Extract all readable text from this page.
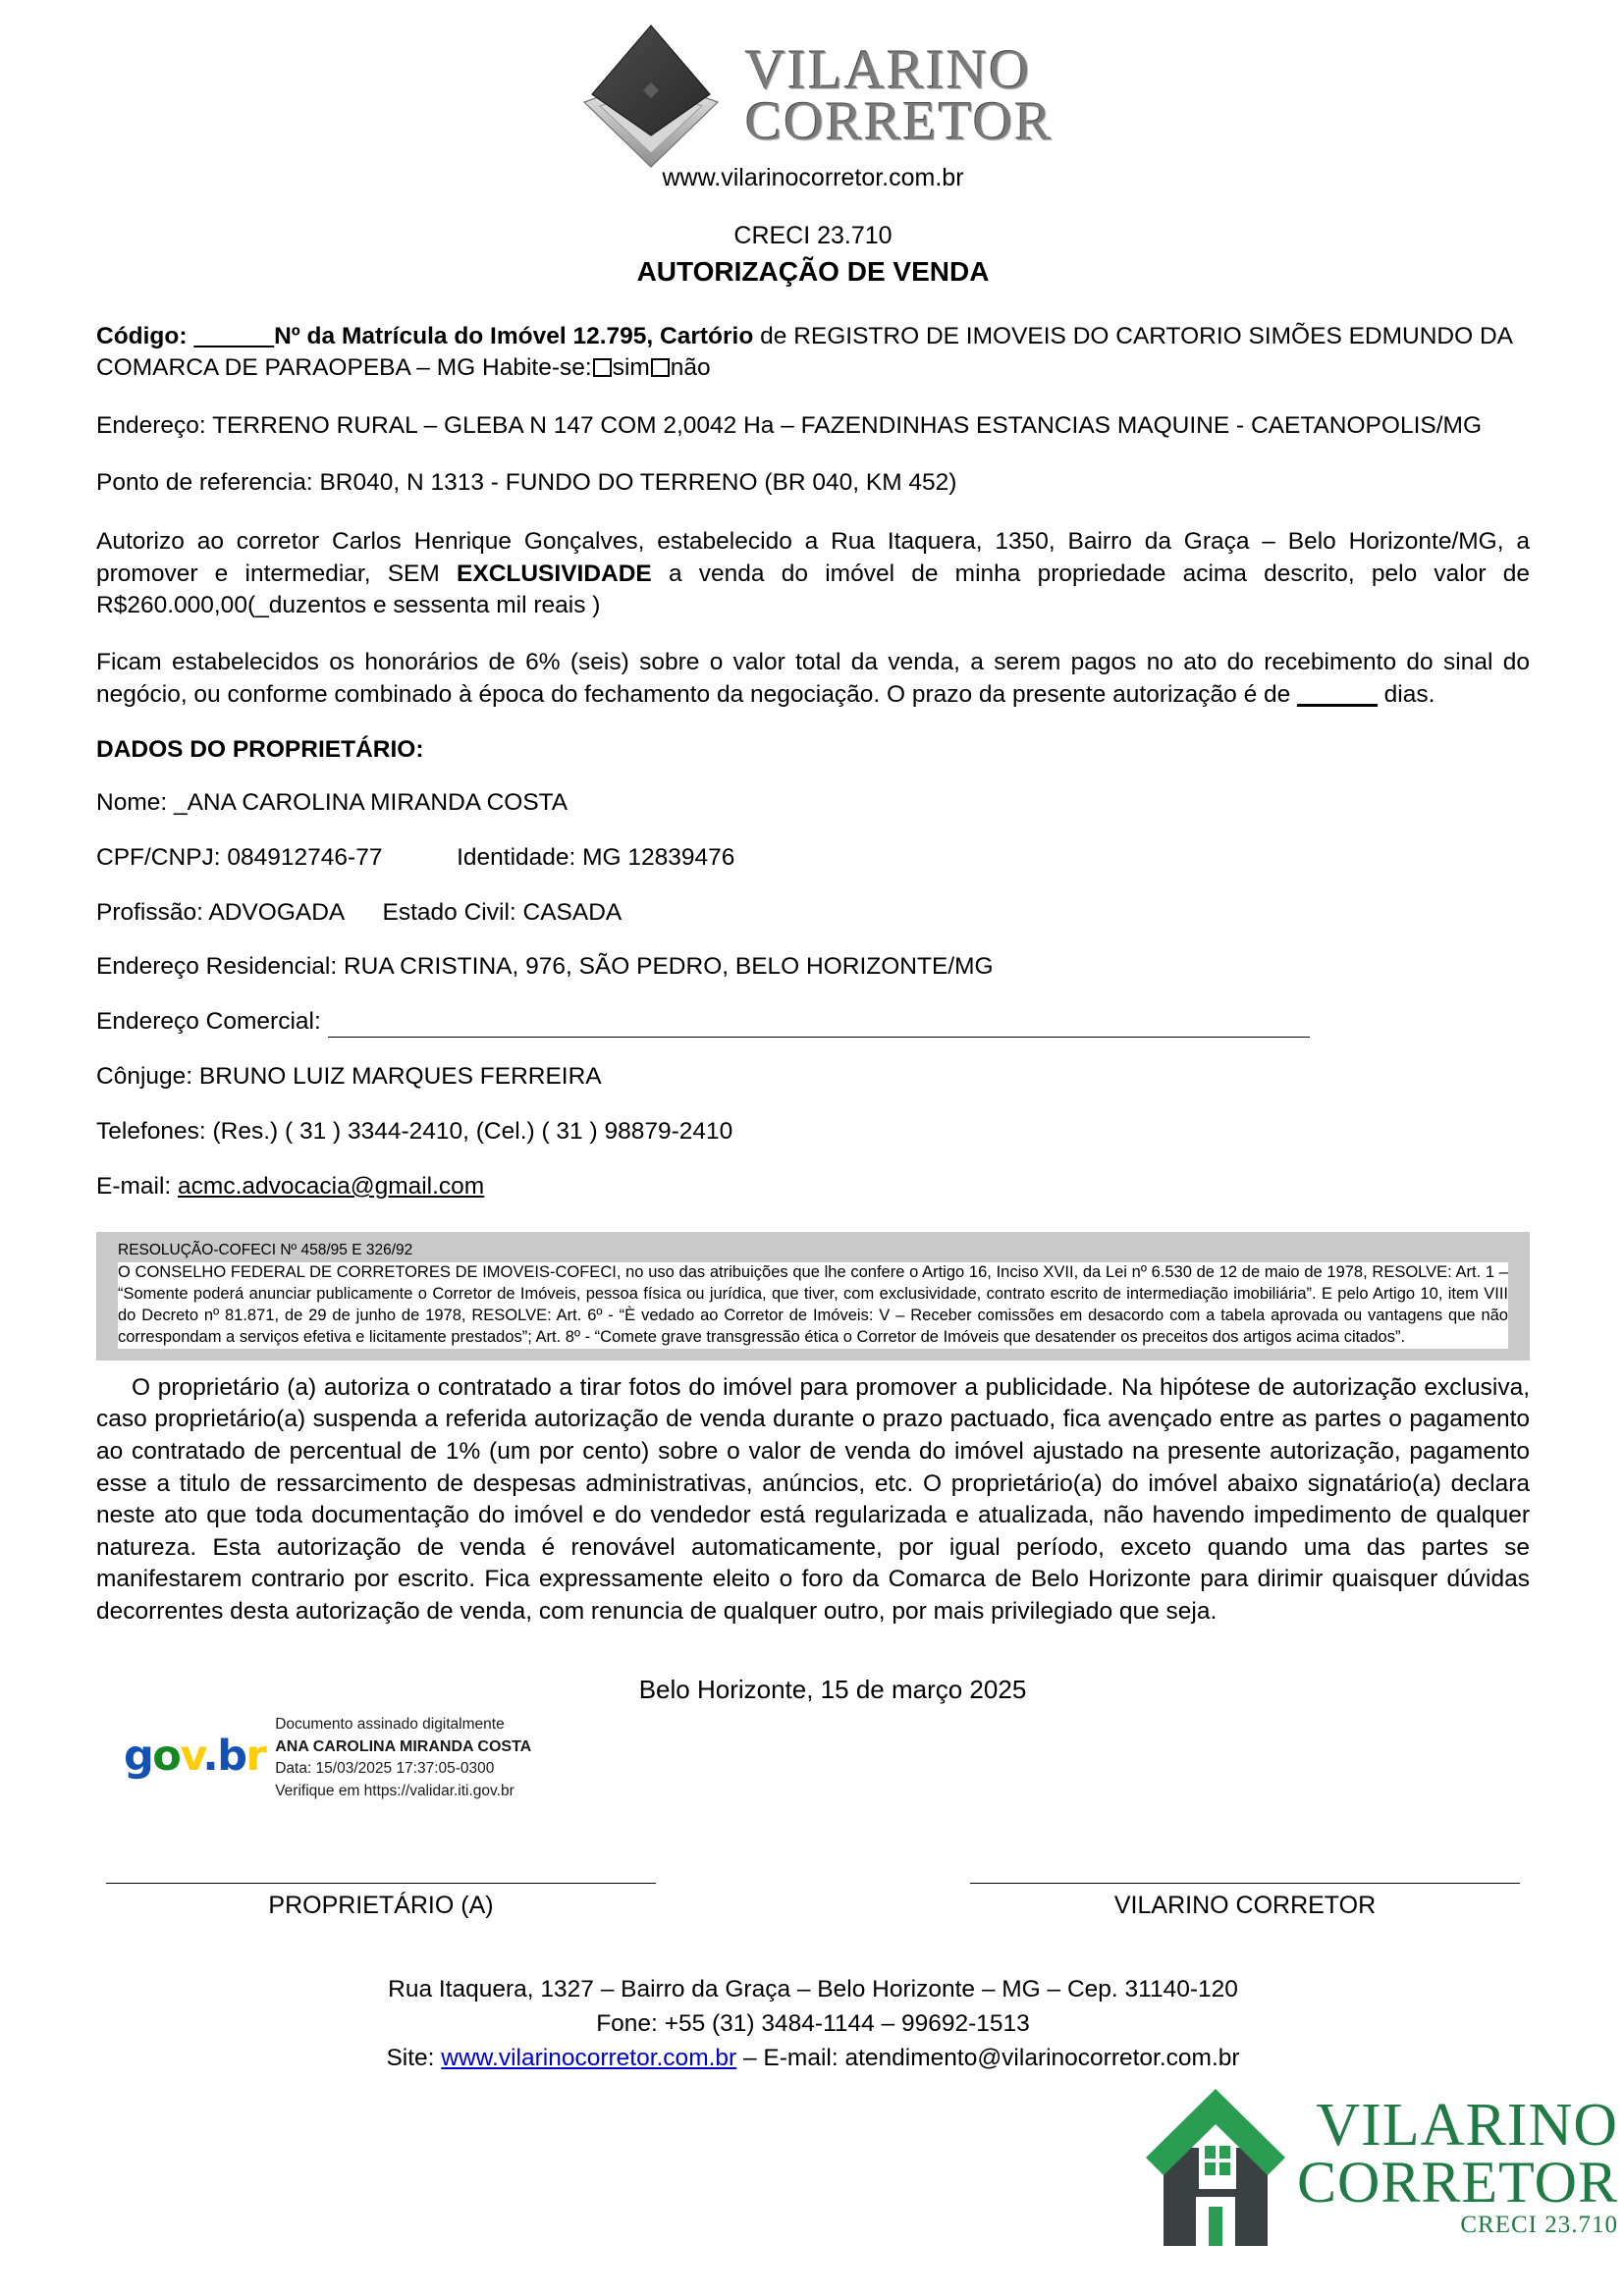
VILARINO
CORRETOR
www.vilarinocorretor.com.br
CRECI 23.710
AUTORIZAÇÃO DE VENDA
Código: ______Nº da Matrícula do Imóvel 12.795, Cartório de REGISTRO DE IMOVEIS DO CARTORIO SIMÕES EDMUNDO DA COMARCA DE PARAOPEBA – MG Habite-se: sim não
Endereço: TERRENO RURAL – GLEBA N 147 COM 2,0042 Ha – FAZENDINHAS ESTANCIAS MAQUINE - CAETANOPOLIS/MG
Ponto de referencia: BR040, N 1313 - FUNDO DO TERRENO (BR 040, KM 452)
Autorizo ao corretor Carlos Henrique Gonçalves, estabelecido a Rua Itaquera, 1350, Bairro da Graça – Belo Horizonte/MG, a promover e intermediar, SEM EXCLUSIVIDADE a venda do imóvel de minha propriedade acima descrito, pelo valor de R$260.000,00(_duzentos e sessenta mil reais )
Ficam estabelecidos os honorários de 6% (seis) sobre o valor total da venda, a serem pagos no ato do recebimento do sinal do negócio, ou conforme combinado à época do fechamento da negociação. O prazo da presente autorização é de ______ dias.
DADOS DO PROPRIETÁRIO:
Nome: _ANA CAROLINA MIRANDA COSTA
CPF/CNPJ: 084912746-77	Identidade: MG 12839476
Profissão: ADVOGADA Estado Civil: CASADA
Endereço Residencial: RUA CRISTINA, 976, SÃO PEDRO, BELO HORIZONTE/MG
Endereço Comercial:
Cônjuge: BRUNO LUIZ MARQUES FERREIRA
Telefones: (Res.) ( 31 ) 3344-2410, (Cel.) ( 31 ) 98879-2410
E-mail: acmc.advocacia@gmail.com
RESOLUÇÃO-COFECI Nº 458/95 E 326/92
O CONSELHO FEDERAL DE CORRETORES DE IMOVEIS-COFECI, no uso das atribuições que lhe confere o Artigo 16, Inciso XVII, da Lei nº 6.530 de 12 de maio de 1978, RESOLVE: Art. 1 – “Somente poderá anunciar publicamente o Corretor de Imóveis, pessoa física ou jurídica, que tiver, com exclusividade, contrato escrito de intermediação imobiliária”. E pelo Artigo 10, item VIII do Decreto nº 81.871, de 29 de junho de 1978, RESOLVE: Art. 6º - “È vedado ao Corretor de Imóveis: V – Receber comissões em desacordo com a tabela aprovada ou vantagens que não correspondam a serviços efetiva e licitamente prestados”; Art. 8º - “Comete grave transgressão ética o Corretor de Imóveis que desatender os preceitos dos artigos acima citados”.
O proprietário (a) autoriza o contratado a tirar fotos do imóvel para promover a publicidade. Na hipótese de autorização exclusiva, caso proprietário(a) suspenda a referida autorização de venda durante o prazo pactuado, fica avençado entre as partes o pagamento ao contratado de percentual de 1% (um por cento) sobre o valor de venda do imóvel ajustado na presente autorização, pagamento esse a titulo de ressarcimento de despesas administrativas, anúncios, etc. O proprietário(a) do imóvel abaixo signatário(a) declara neste ato que toda documentação do imóvel e do vendedor está regularizada e atualizada, não havendo impedimento de qualquer natureza. Esta autorização de venda é renovável automaticamente, por igual período, exceto quando uma das partes se manifestarem contrario por escrito. Fica expressamente eleito o foro da Comarca de Belo Horizonte para dirimir quaisquer dúvidas decorrentes desta autorização de venda, com renuncia de qualquer outro, por mais privilegiado que seja.
Belo Horizonte, 15 de março 2025
gov.br
Documento assinado digitalmente
ANA CAROLINA MIRANDA COSTA
Data: 15/03/2025 17:37:05-0300
Verifique em https://validar.iti.gov.br
PROPRIETÁRIO (A)	VILARINO CORRETOR
Rua Itaquera, 1327 – Bairro da Graça – Belo Horizonte – MG – Cep. 31140-120
Fone: +55 (31) 3484-1144 – 99692-1513
Site: www.vilarinocorretor.com.br – E-mail: atendimento@vilarinocorretor.com.br
VILARINO
CORRETOR
CRECI 23.710
